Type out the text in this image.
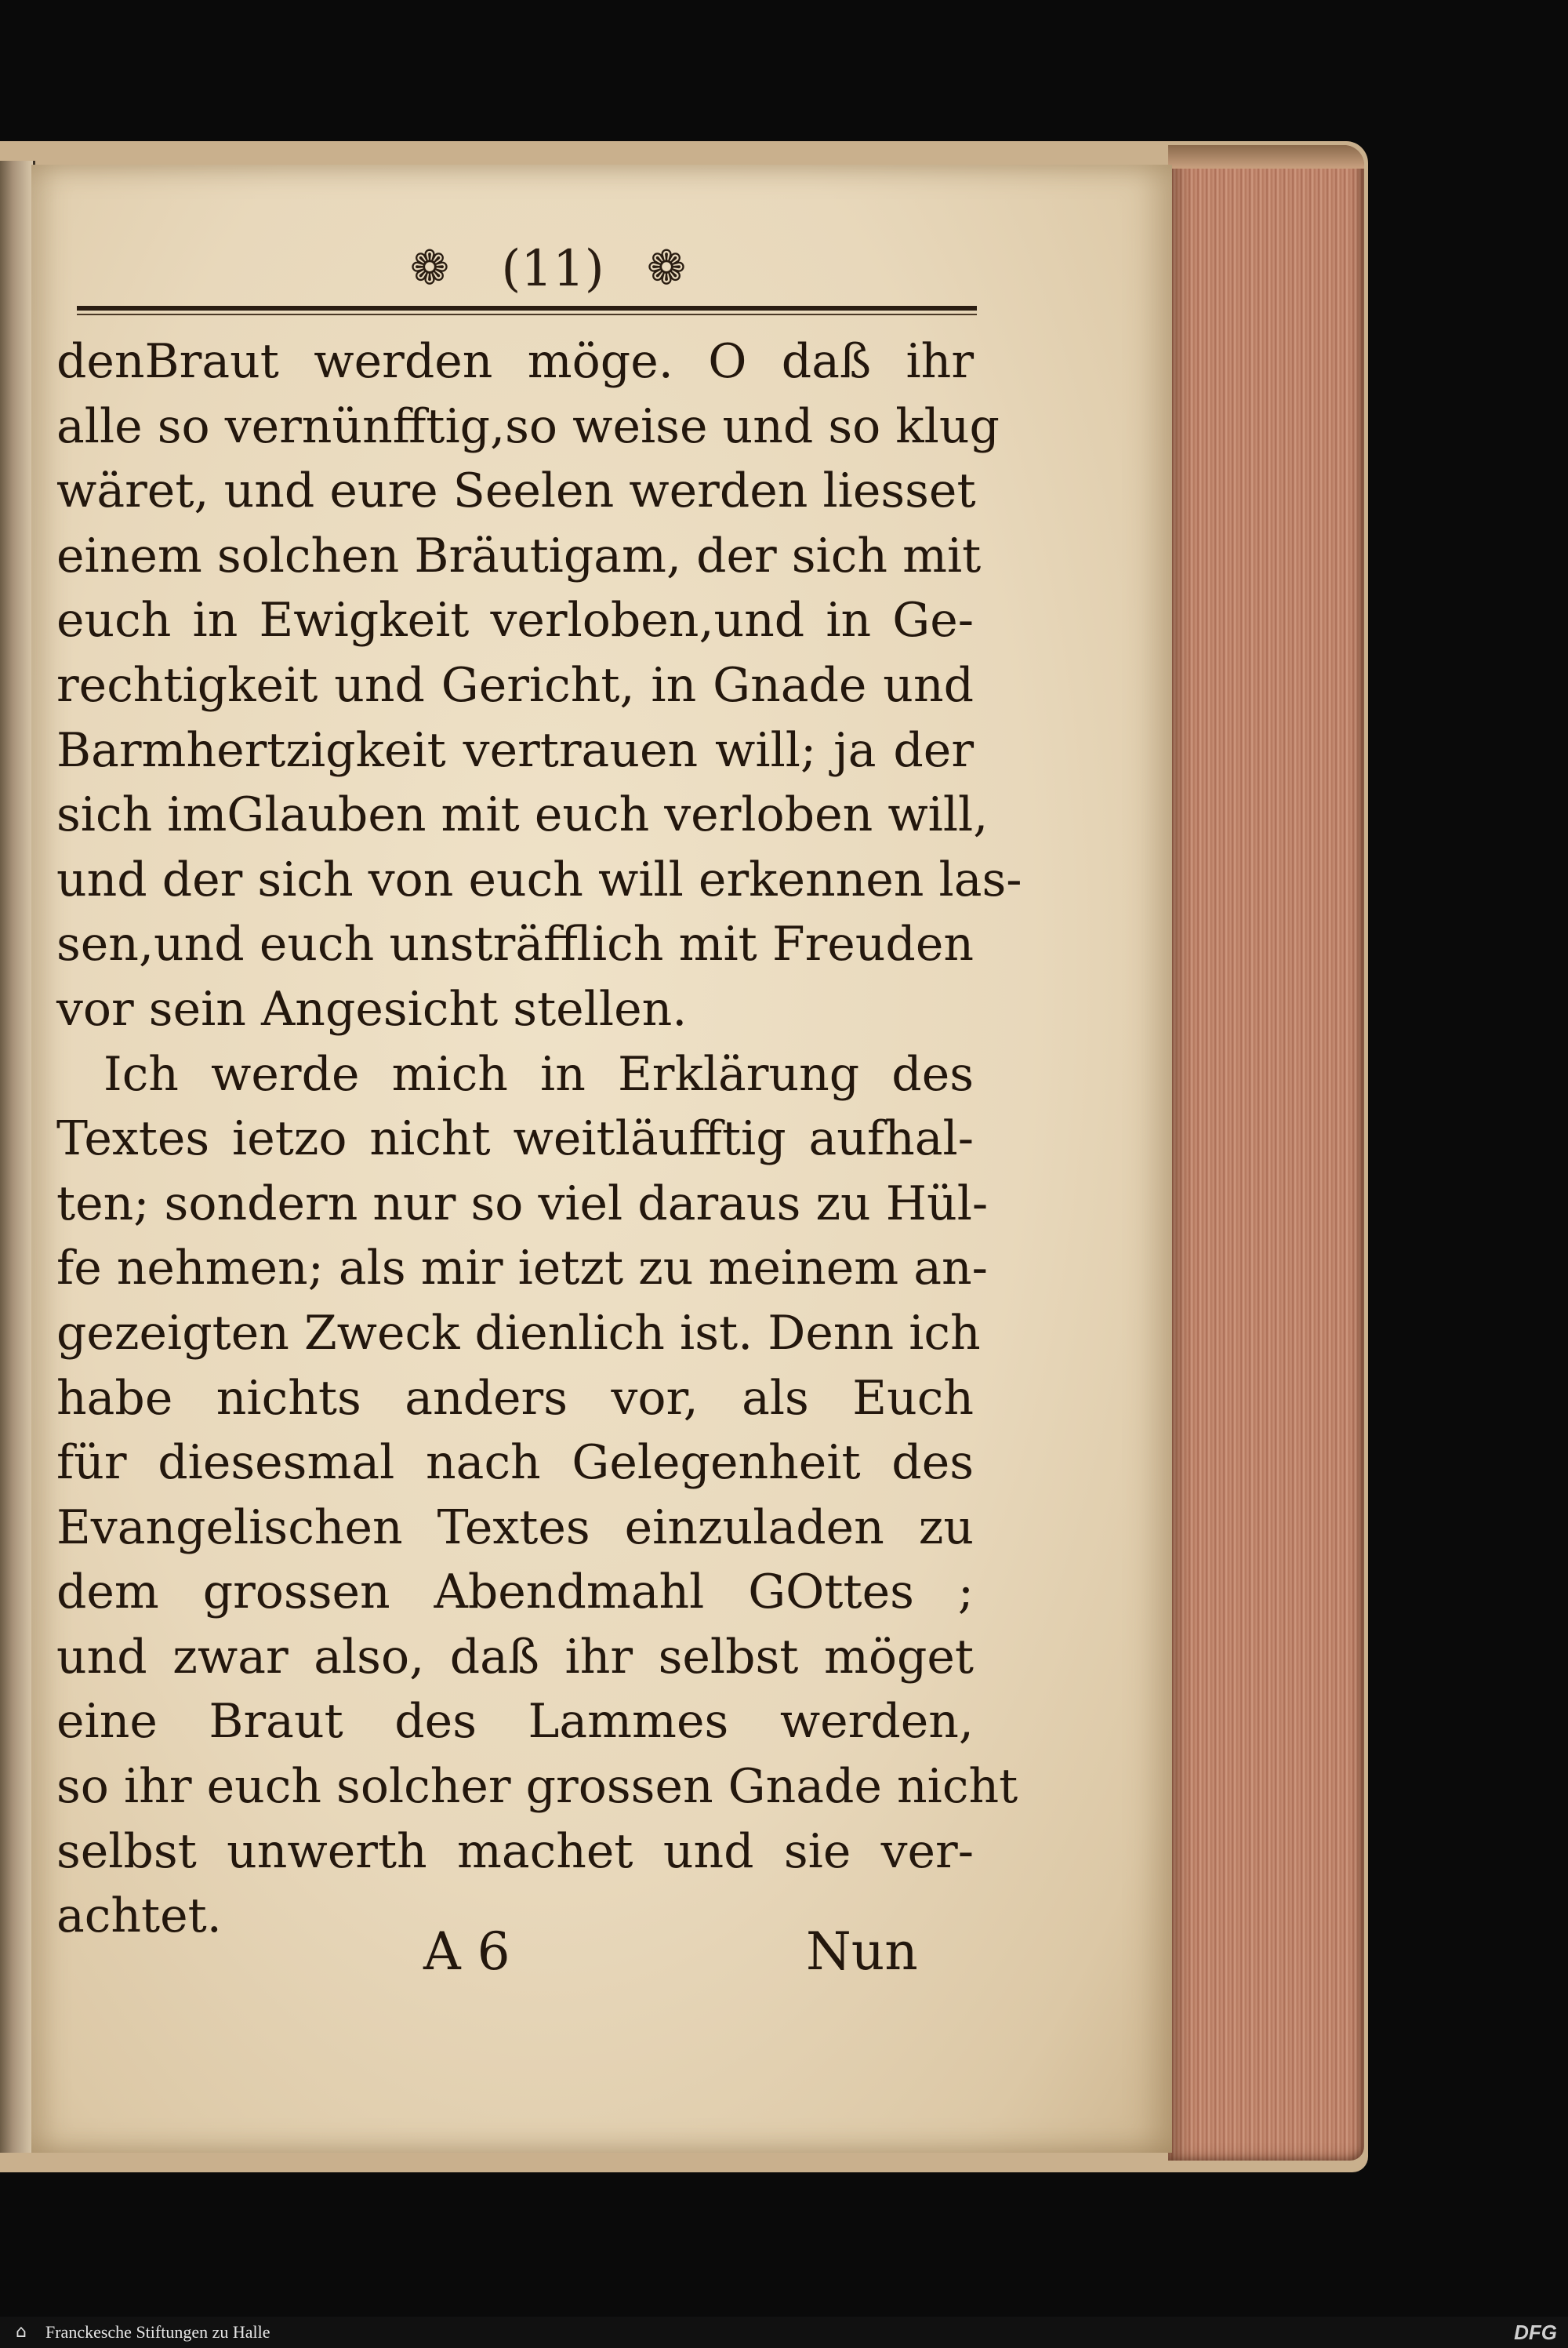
❁	(11) ❁
denBraut werden möge. O daß ihr
alle so vernünfftig,so weise und so klug
wäret, und eure Seelen werden liesset
einem solchen Bräutigam, der sich mit
euch in Ewigkeit verloben,und in Ge-
rechtigkeit und Gericht, in Gnade und
Barmhertzigkeit vertrauen will; ja der
sich imGlauben mit euch verloben will,
und der sich von euch will erkennen las-
sen,und euch unsträfflich mit Freuden
vor sein Angesicht stellen.
Ich werde mich in Erklärung des
Textes ietzo nicht weitläufftig aufhal-
ten; sondern nur so viel daraus zu Hül-
fe nehmen; als mir ietzt zu meinem an-
gezeigten Zweck dienlich ist. Denn ich
habe nichts anders vor, als Euch
für diesesmal nach Gelegenheit des
Evangelischen Textes einzuladen zu
dem grossen Abendmahl GOttes ;
und zwar also, daß ihr selbst möget
eine Braut des Lammes werden,
so ihr euch solcher grossen Gnade nicht
selbst unwerth machet und sie ver-
achtet.
A 6	Nun
⌂	Franckesche Stiftungen zu Halle	DFG
